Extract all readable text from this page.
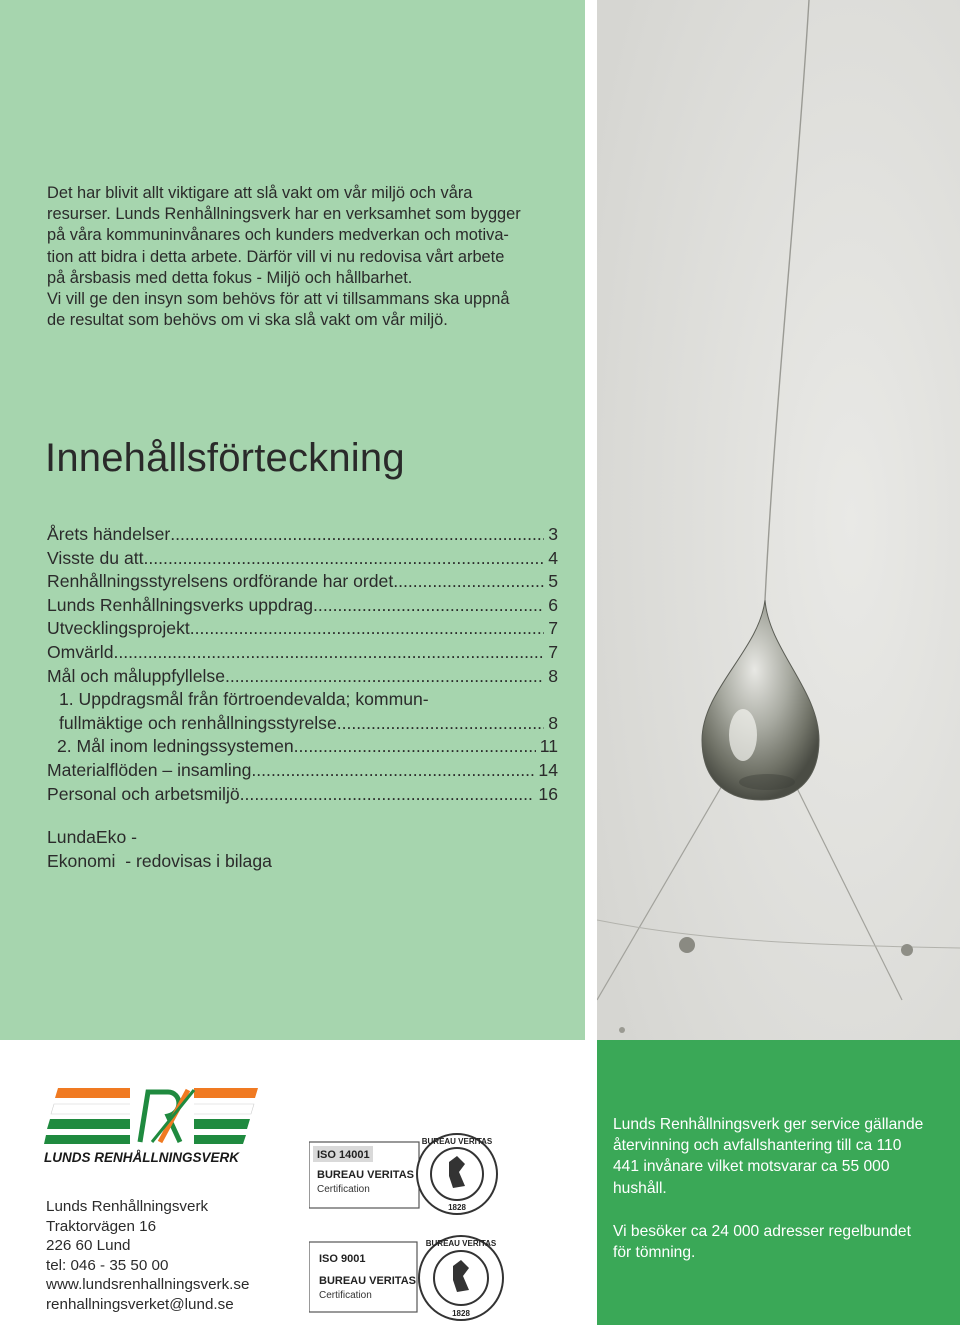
Det har blivit allt viktigare att slå vakt om vår miljö och våra

resurser. Lunds Renhållningsverk har en verksamhet som bygger

på våra kommuninvånares och kunders medverkan och motiva-

tion att bidra i detta arbete. Därför vill vi nu redovisa vårt arbete

på årsbasis med detta fokus - Miljö och hållbarhet.

Vi vill ge den insyn som behövs för att vi tillsammans ska uppnå

de resultat som behövs om vi ska slå vakt om vår miljö.

Innehållsförteckning
Årets händelser .....	3
Visste du att .....	4
Renhållningsstyrelsens ordförande har ordet .....	5
Lunds Renhållningsverks uppdrag .....	6
Utvecklingsprojekt .....	7
Omvärld .....	7
Mål och måluppfyllelse .....	8
1. Uppdragsmål från förtroendevalda; kommun-
fullmäktige och renhållningsstyrelse .....	8
2. Mål inom ledningssystemen .....	11
Materialflöden – insamling .....	14
Personal och arbetsmiljö .....	16
LundaEko -
Ekonomi  - redovisas i bilaga
LUNDS RENHÅLLNINGSVERK
Lunds Renhållningsverk
Traktorvägen 16
226 60 Lund
tel: 046 - 35 50 00
www.lundsrenhallningsverk.se
renhallningsverket@lund.se
ISO 14001
BUREAU VERITAS
Certification
BUREAU VERITAS
1828
ISO 9001
BUREAU VERITAS
Certification
BUREAU VERITAS
1828

Lunds Renhållningsverk ger service gällande återvinning och avfallshantering till ca 110 441 invånare vilket motsvarar ca 55 000 hushåll.

Vi besöker ca 24 000 adresser regelbundet för tömning.
